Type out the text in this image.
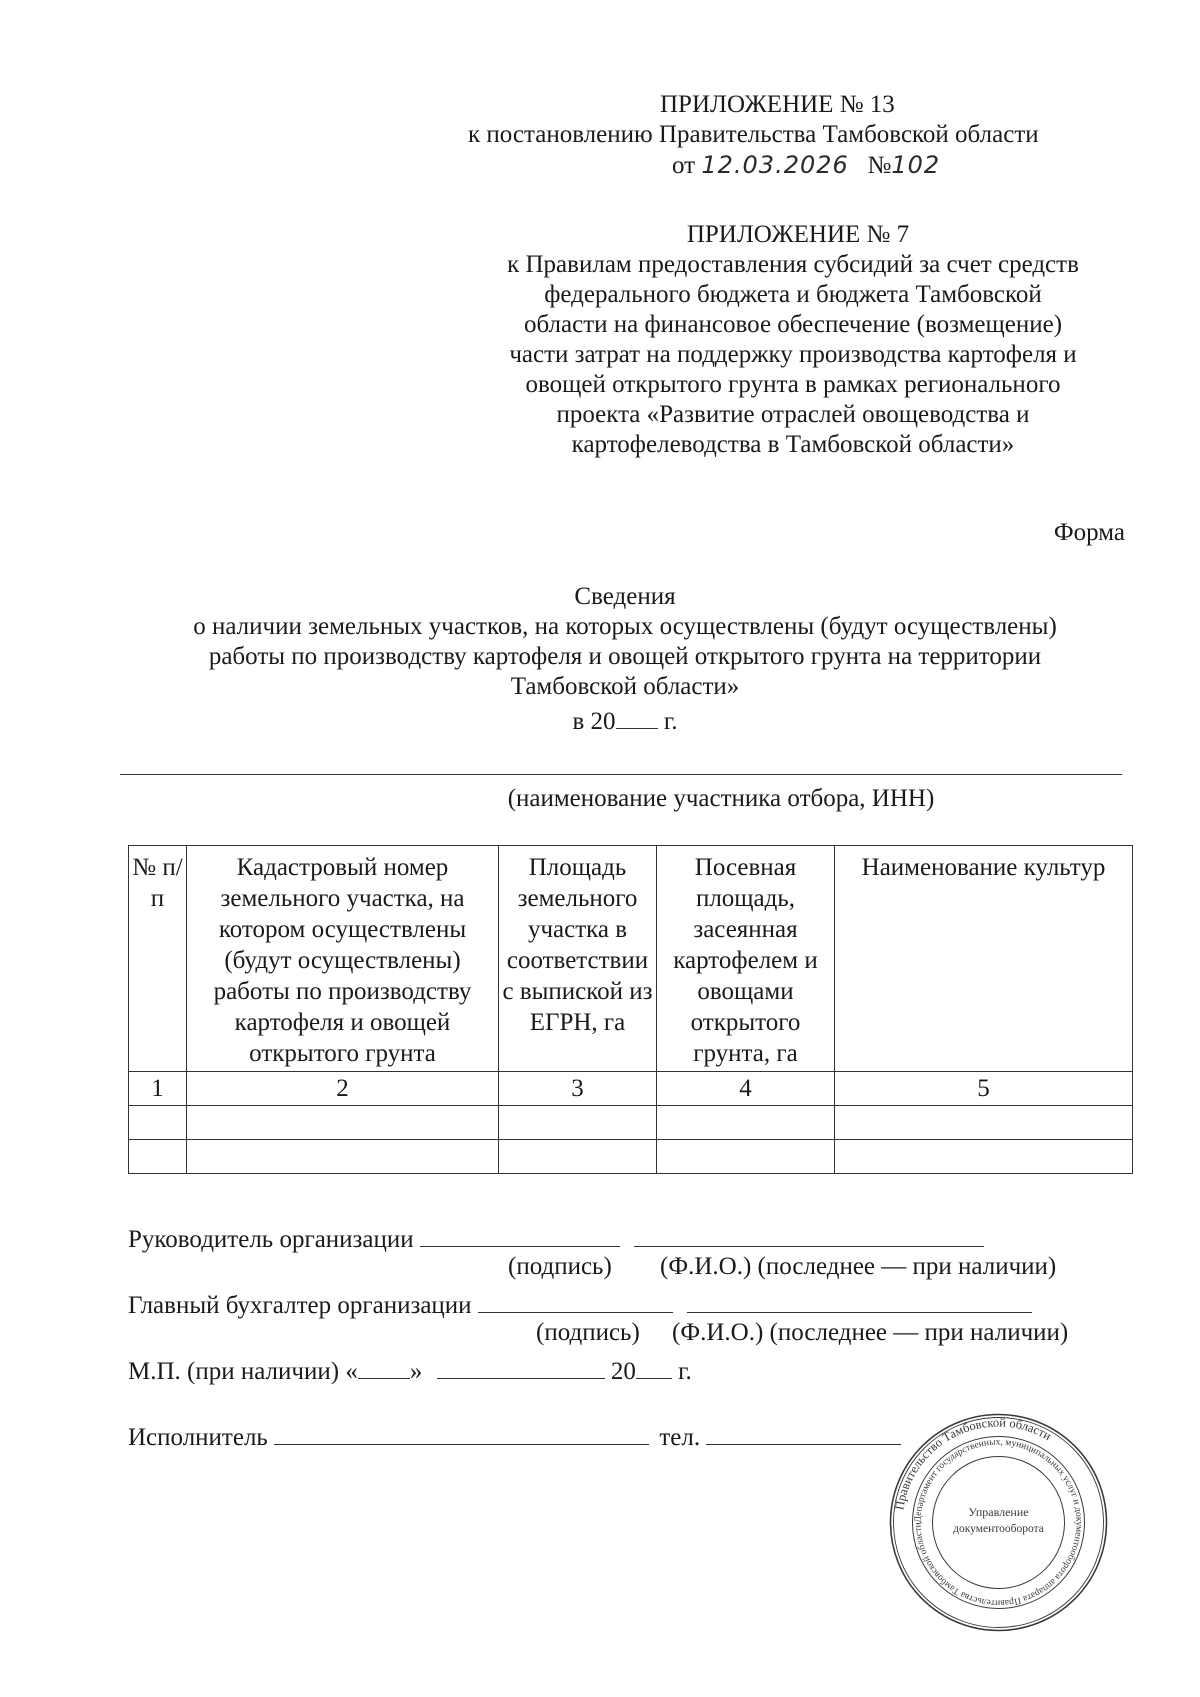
ПРИЛОЖЕНИЕ № 13
к постановлению Правительства Тамбовской области
от 12.03.2026 №102
ПРИЛОЖЕНИЕ № 7
к Правилам предоставления субсидий за счет средств
федерального бюджета и бюджета Тамбовской
области на финансовое обеспечение (возмещение)
части затрат на поддержку производства картофеля и
овощей открытого грунта в рамках регионального
проекта «Развитие отраслей овощеводства и
картофелеводства в Тамбовской области»
Форма
Сведения
о наличии земельных участков, на которых осуществлены (будут осуществлены)
работы по производству картофеля и овощей открытого грунта на территории
Тамбовской области»
в 20 г.
(наименование участника отбора, ИНН)
№ п/п	Кадастровый номер земельного участка, на котором осуществлены (будут осуществлены) работы по производству картофеля и овощей открытого грунта	Площадь земельного участка в соответствии с выпиской из ЕГРН, га	Посевная площадь, засеянная картофелем и овощами открытого грунта, га	Наименование культур
1	2	3	4	5

Руководитель организации
(подпись) (Ф.И.О.) (последнее — при наличии)
Главный бухгалтер организации
(подпись) (Ф.И.О.) (последнее — при наличии)
М.П. (при наличии) « »	20 г.
Исполнитель	тел.
Правительство Тамбовской области
Департамент государственных, муниципальных услуг и документооборота аппарата Правительства Тамбовской области
Управление
документооборота
